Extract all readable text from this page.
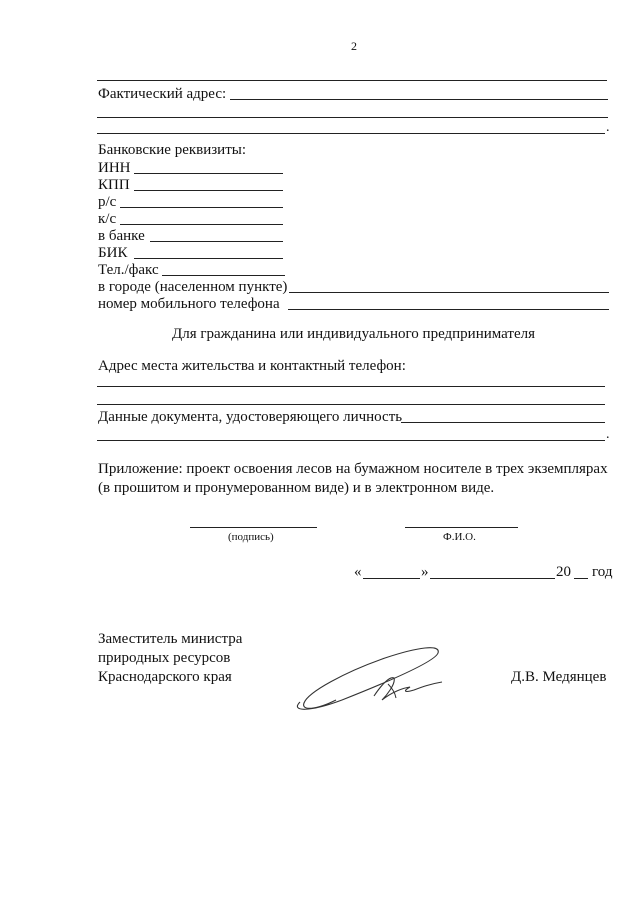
2
Фактический адрес:
.
Банковские реквизиты:
ИНН
КПП
р/с
к/с
в банке
БИК
Тел./факс
в городе (населенном пункте)
номер мобильного телефона
Для гражданина или индивидуального предпринимателя
Адрес места жительства и контактный телефон:
Данные документа, удостоверяющего личность
.
Приложение: проект освоения лесов на бумажном носителе в трех экземплярах
(в прошитом и пронумерованном виде) и в электронном виде.
(подпись)	Ф.И.О.
«	»	20 год
Заместитель министра
природных ресурсов
Краснодарского края	Д.В. Медянцев
